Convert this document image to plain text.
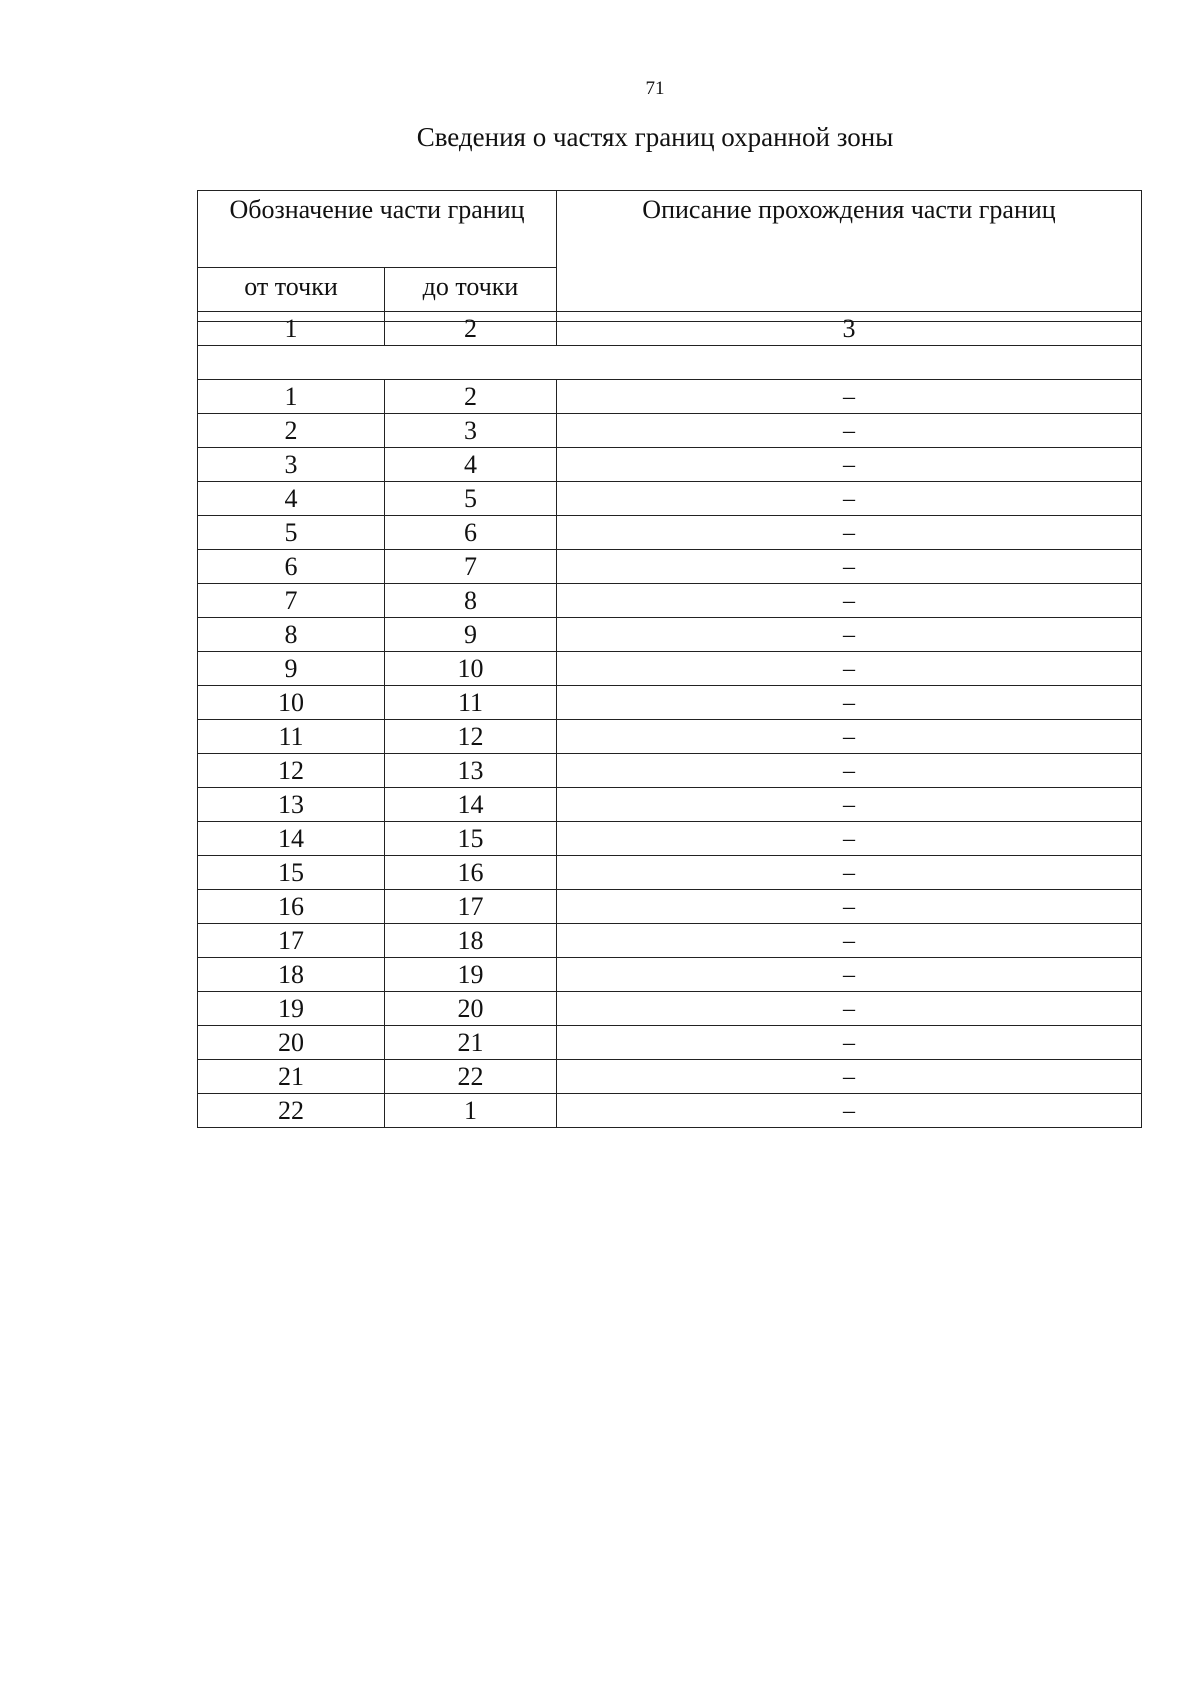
71
Сведения о частях границ охранной зоны
Обозначение части границ		Описание прохождения части границ
от точки	до точки	
1	2	3

1	2	–
2	3	–
3	4	–
4	5	–
5	6	–
6	7	–
7	8	–
8	9	–
9	10	–
10	11	–
11	12	–
12	13	–
13	14	–
14	15	–
15	16	–
16	17	–
17	18	–
18	19	–
19	20	–
20	21	–
21	22	–
22	1	–
